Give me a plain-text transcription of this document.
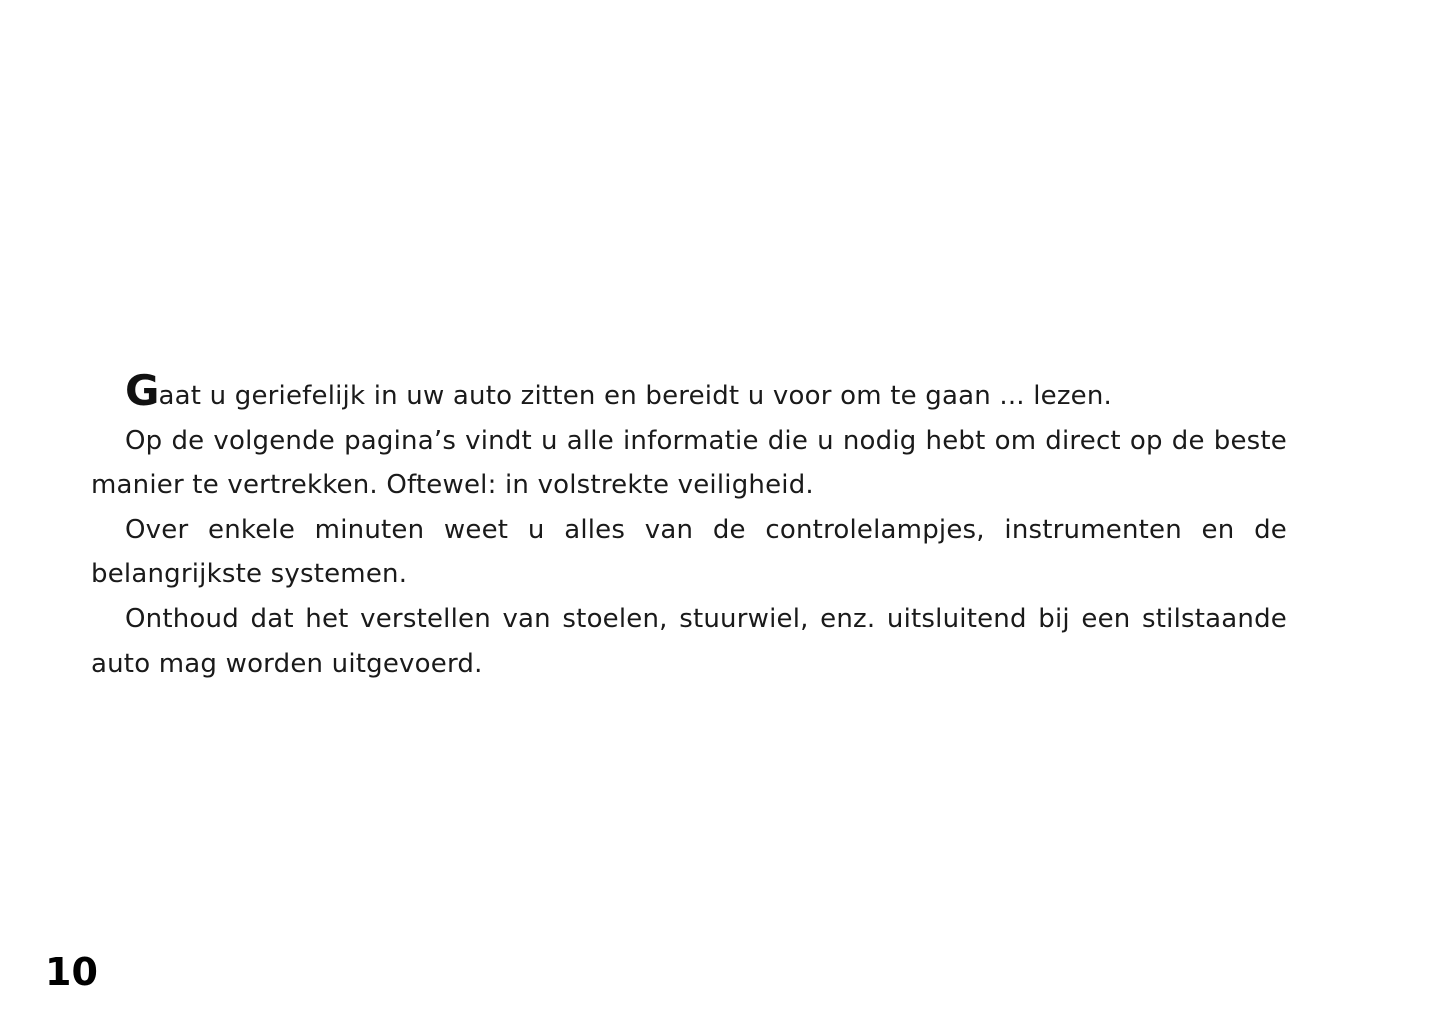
Gaat u geriefelijk in uw auto zitten en bereidt u voor om te gaan ... lezen.

Op de volgende pagina’s vindt u alle informatie die u nodig hebt om direct op de beste manier te vertrekken. Oftewel: in volstrekte veiligheid.

Over enkele minuten weet u alles van de controlelampjes, instrumenten en de belangrijkste systemen.

Onthoud dat het verstellen van stoelen, stuurwiel, enz. uitsluitend bij een stilstaande auto mag worden uitgevoerd.

10
